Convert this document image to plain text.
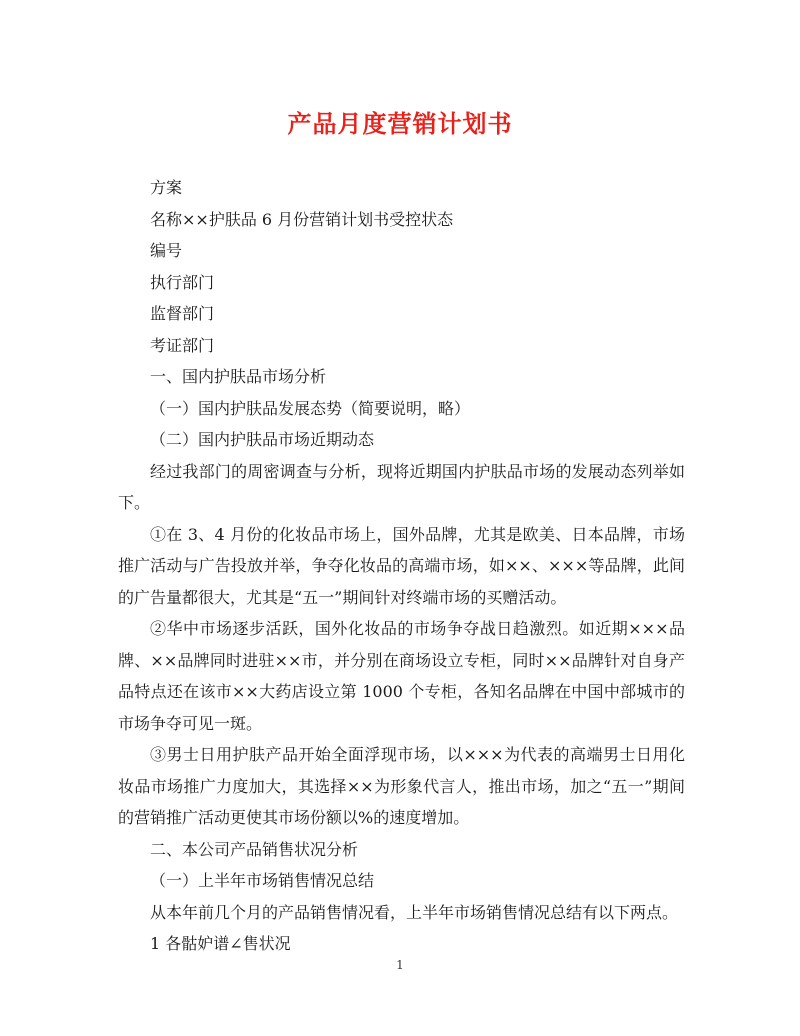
产品月度营销计划书
方案
名称××护肤品 6 月份营销计划书受控状态
编号
执行部门
监督部门
考证部门
一、国内护肤品市场分析
（一）国内护肤品发展态势（简要说明，略）
（二）国内护肤品市场近期动态
经过我部门的周密调查与分析，现将近期国内护肤品市场的发展动态列举如下。
①在 3、4 月份的化妆品市场上，国外品牌，尤其是欧美、日本品牌，市场推广活动与广告投放并举，争夺化妆品的高端市场，如××、×××等品牌，此间的广告量都很大，尤其是“五一”期间针对终端市场的买赠活动。
②华中市场逐步活跃，国外化妆品的市场争夺战日趋激烈。如近期×××品牌、××品牌同时进驻××市，并分别在商场设立专柜，同时××品牌针对自身产品特点还在该市××大药店设立第 1000 个专柜，各知名品牌在中国中部城市的市场争夺可见一斑。
③男士日用护肤产品开始全面浮现市场，以×××为代表的高端男士日用化妆品市场推广力度加大，其选择××为形象代言人，推出市场，加之“五一”期间的营销推广活动更使其市场份额以%的速度增加。
二、本公司产品销售状况分析
（一）上半年市场销售情况总结
从本年前几个月的产品销售情况看，上半年市场销售情况总结有以下两点。
1 各骷妒谱∠售状况
1
